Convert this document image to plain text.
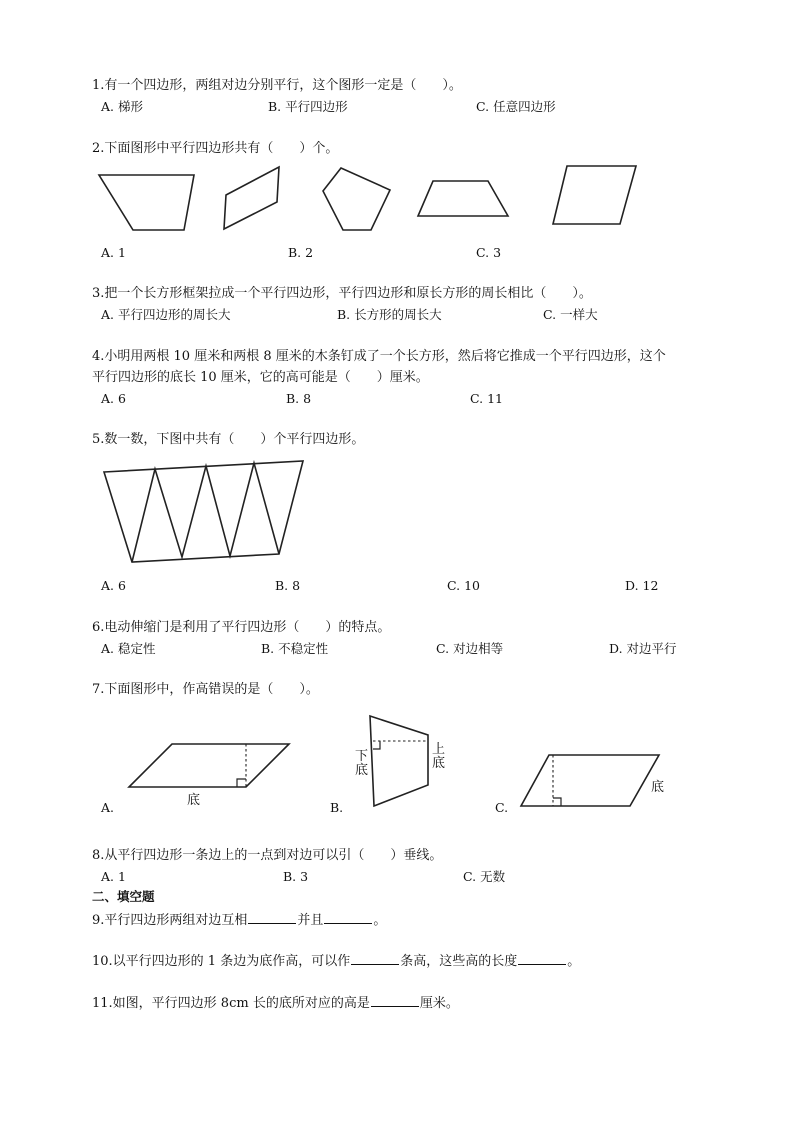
1.有一个四边形，两组对边分别平行，这个图形一定是（　　）。
A. 梯形	B. 平行四边形	C. 任意四边形
2.下面图形中平行四边形共有（　　）个。
A. 1	B. 2	C. 3
3.把一个长方形框架拉成一个平行四边形，平行四边形和原长方形的周长相比（　　）。
A. 平行四边形的周长大	B. 长方形的周长大	C. 一样大
4.小明用两根 10 厘米和两根 8 厘米的木条钉成了一个长方形，然后将它推成一个平行四边形，这个
平行四边形的底长 10 厘米，它的高可能是（　　）厘米。
A. 6	B. 8	C. 11
5.数一数，下图中共有（　　）个平行四边形。
A. 6	B. 8	C. 10	D. 12
6.电动伸缩门是利用了平行四边形（　　）的特点。
A. 稳定性	B. 不稳定性	C. 对边相等	D. 对边平行
7.下面图形中，作高错误的是（　　）。
A.	底	B.
下
底
上
底
C.
底
8.从平行四边形一条边上的一点到对边可以引（　　）垂线。
A. 1	B. 3	C. 无数
二、填空题
9.平行四边形两组对边互相	并且	。
10.以平行四边形的 1 条边为底作高，可以作	条高，这些高的长度	。
11.如图，平行四边形 8cm 长的底所对应的高是	厘米。
